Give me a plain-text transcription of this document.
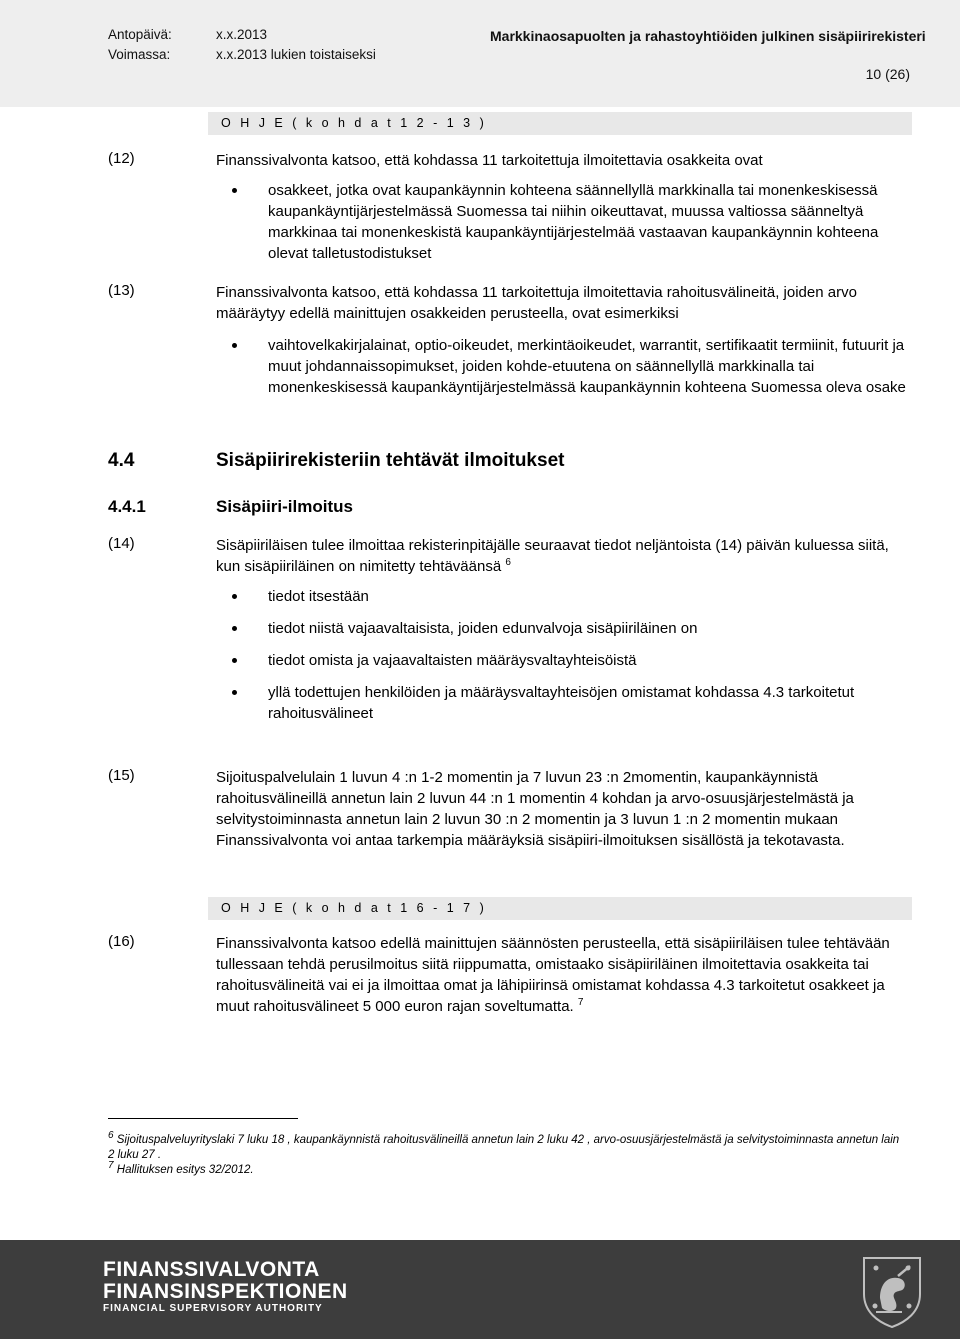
Antopäivä:	x.x.2013
Voimassa:	x.x.2013 lukien toistaiseksi
Markkinaosapuolten ja rahastoyhtiöiden julkinen sisäpiirirekisteri
10 (26)
O H J E ( k o h d a t 1 2 - 1 3 )
(12)	Finanssivalvonta katsoo, että kohdassa 11 tarkoitettuja ilmoitettavia osakkeita ovat
osakkeet, jotka ovat kaupankäynnin kohteena säännellyllä markkinalla tai monenkeskisessä kaupankäyntijärjestelmässä Suomessa tai niihin oikeuttavat, muussa valtiossa säänneltyä markkinaa tai monenkeskistä kaupankäyntijärjestelmää vastaavan kaupankäynnin kohteena olevat talletustodistukset
(13)	Finanssivalvonta katsoo, että kohdassa 11 tarkoitettuja ilmoitettavia rahoitusvälineitä, joiden arvo määräytyy edellä mainittujen osakkeiden perusteella, ovat esimerkiksi
vaihtovelkakirjalainat, optio-oikeudet, merkintäoikeudet, warrantit, sertifikaatit termiinit, futuurit ja muut johdannaissopimukset, joiden kohde-etuutena on säännellyllä markkinalla tai monenkeskisessä kaupankäyntijärjestelmässä kaupankäynnin kohteena Suomessa oleva osake
4.4	Sisäpiirirekisteriin tehtävät ilmoitukset
4.4.1	Sisäpiiri-ilmoitus
(14)	Sisäpiiriläisen tulee ilmoittaa rekisterinpitäjälle seuraavat tiedot neljäntoista (14) päivän kuluessa siitä, kun sisäpiiriläinen on nimitetty tehtäväänsä $^6$
tiedot itsestään
tiedot niistä vajaavaltaisista, joiden edunvalvoja sisäpiiriläinen on
tiedot omista ja vajaavaltaisten määräysvaltayhteisöistä
yllä todettujen henkilöiden ja määräysvaltayhteisöjen omistamat kohdassa 4.3 tarkoitetut rahoitusvälineet
(15)	Sijoituspalvelulain 1 luvun 4 :n 1-2 momentin ja 7 luvun 23 :n 2momentin, kaupankäynnistä rahoitusvälineillä annetun lain 2 luvun 44 :n 1 momentin 4 kohdan ja arvo-osuusjärjestelmästä ja selvitystoiminnasta annetun lain 2 luvun 30 :n 2 momentin ja 3 luvun 1 :n 2 momentin mukaan Finanssivalvonta voi antaa tarkempia määräyksiä sisäpiiri-ilmoituksen sisällöstä ja tekotavasta.
O H J E ( k o h d a t 1 6 - 1 7 )
(16)	Finanssivalvonta katsoo edellä mainittujen säännösten perusteella, että sisäpiiriläisen tulee tehtävään tullessaan tehdä perusilmoitus siitä riippumatta, omistaako sisäpiiriläinen ilmoitettavia osakkeita tai rahoitusvälineitä vai ei ja ilmoittaa omat ja lähipiirinsä omistamat kohdassa 4.3 tarkoitetut osakkeet ja muut rahoitusvälineet 5 000 euron rajan soveltumatta. $^7$
$^6$ Sijoituspalveluyrityslaki 7 luku 18 , kaupankäynnistä rahoitusvälineillä annetun lain 2 luku 42 , arvo-osuusjärjestelmästä ja selvitystoiminnasta annetun lain 2 luku 27 .
$^7$ Hallituksen esitys 32/2012.
FINANSSIVALVONTA
FINANSINSPEKTIONEN
FINANCIAL SUPERVISORY AUTHORITY
